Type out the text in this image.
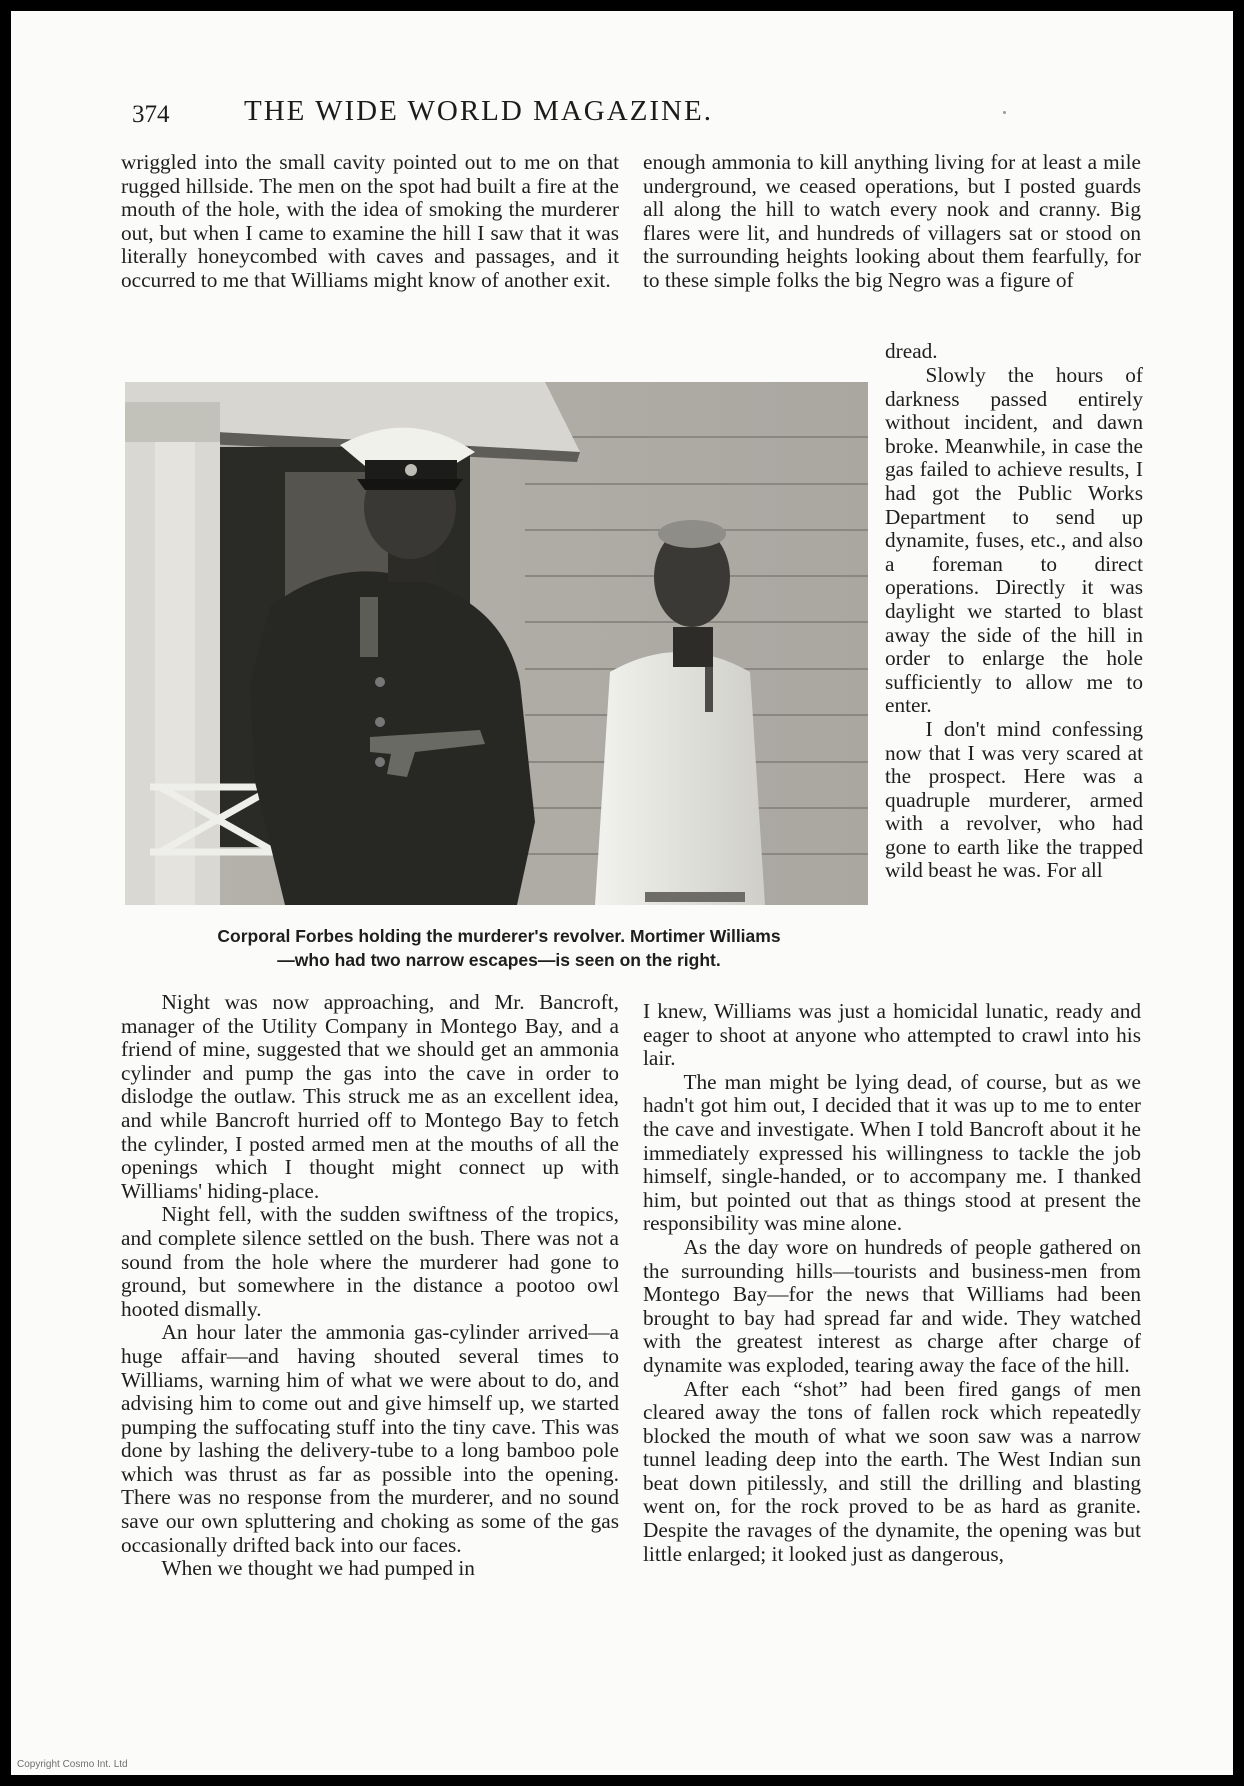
374	THE WIDE WORLD MAGAZINE.

wriggled into the small cavity pointed out to me on that rugged hillside. The men on the spot had built a fire at the mouth of the hole, with the idea of smoking the murderer out, but when I came to examine the hill I saw that it was literally honeycombed with caves and passages, and it occurred to me that Williams might know of another exit.

enough ammonia to kill anything living for at least a mile underground, we ceased operations, but I posted guards all along the hill to watch every nook and cranny. Big flares were lit, and hundreds of villagers sat or stood on the surrounding heights looking about them fearfully, for to these simple folks the big Negro was a figure of

dread.

Corporal Forbes holding the murderer's revolver. Mortimer Williams
—who had two narrow escapes—is seen on the right.

Slowly the hours of darkness passed entirely without incident, and dawn broke. Meanwhile, in case the gas failed to achieve results, I had got the Public Works Department to send up dynamite, fuses, etc., and also a foreman to direct operations. Directly it was daylight we started to blast away the side of the hill in order to enlarge the hole sufficiently to allow me to enter.

I don't mind confessing now that I was very scared at the prospect. Here was a quadruple murderer, armed with a revolver, who had gone to earth like the trapped wild beast he was. For all

Night was now approaching, and Mr. Bancroft, manager of the Utility Company in Montego Bay, and a friend of mine, suggested that we should get an ammonia cylinder and pump the gas into the cave in order to dislodge the outlaw. This struck me as an excellent idea, and while Bancroft hurried off to Montego Bay to fetch the cylinder, I posted armed men at the mouths of all the openings which I thought might connect up with Williams' hiding-place.

Night fell, with the sudden swiftness of the tropics, and complete silence settled on the bush. There was not a sound from the hole where the murderer had gone to ground, but somewhere in the distance a pootoo owl hooted dismally.

An hour later the ammonia gas-cylinder arrived—a huge affair—and having shouted several times to Williams, warning him of what we were about to do, and advising him to come out and give himself up, we started pumping the suffocating stuff into the tiny cave. This was done by lashing the delivery-tube to a long bamboo pole which was thrust as far as possible into the opening. There was no response from the murderer, and no sound save our own spluttering and choking as some of the gas occasionally drifted back into our faces.

When we thought we had pumped in

I knew, Williams was just a homicidal lunatic, ready and eager to shoot at anyone who attempted to crawl into his lair.

The man might be lying dead, of course, but as we hadn't got him out, I decided that it was up to me to enter the cave and investigate. When I told Bancroft about it he immediately expressed his willingness to tackle the job himself, single-handed, or to accompany me. I thanked him, but pointed out that as things stood at present the responsibility was mine alone.

As the day wore on hundreds of people gathered on the surrounding hills—tourists and business-men from Montego Bay—for the news that Williams had been brought to bay had spread far and wide. They watched with the greatest interest as charge after charge of dynamite was exploded, tearing away the face of the hill.

After each “shot” had been fired gangs of men cleared away the tons of fallen rock which repeatedly blocked the mouth of what we soon saw was a narrow tunnel leading deep into the earth. The West Indian sun beat down pitilessly, and still the drilling and blasting went on, for the rock proved to be as hard as granite. Despite the ravages of the dynamite, the opening was but little enlarged; it looked just as dangerous,

Copyright Cosmo Int. Ltd
